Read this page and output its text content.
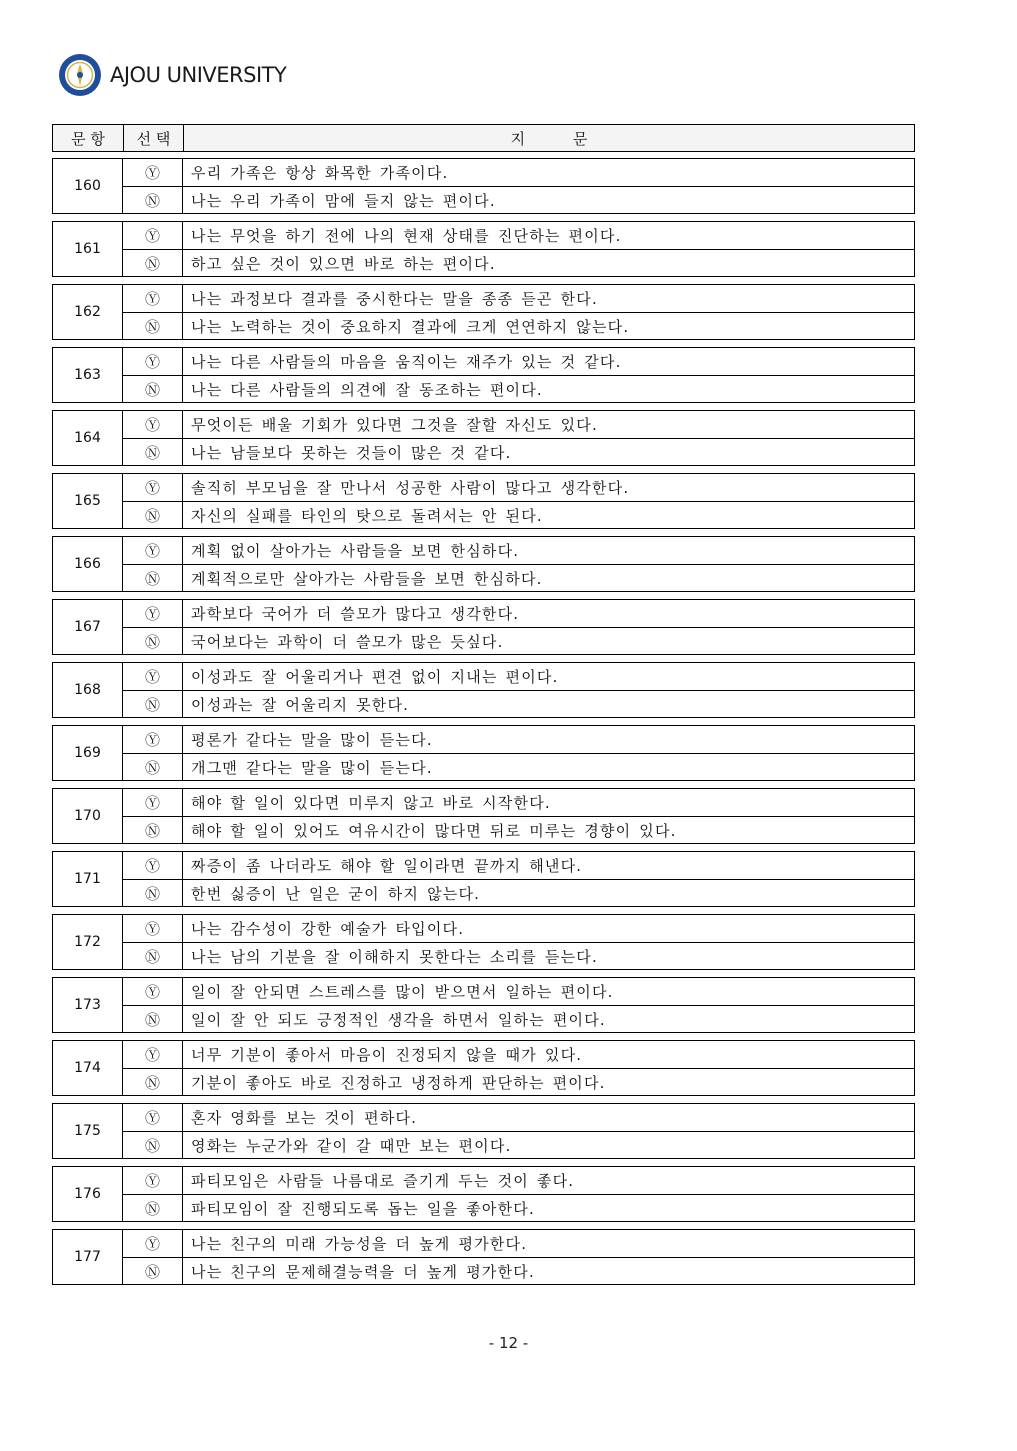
AJOU UNIVERSITY
문 항	선 택	지          문
160
Ⓨ	우리 가족은 항상 화목한 가족이다.
Ⓝ	나는 우리 가족이 맘에 들지 않는 편이다.
161
Ⓨ	나는 무엇을 하기 전에 나의 현재 상태를 진단하는 편이다.
Ⓝ	하고 싶은 것이 있으면 바로 하는 편이다.
162
Ⓨ	나는 과정보다 결과를 중시한다는 말을 종종 듣곤 한다.
Ⓝ	나는 노력하는 것이 중요하지 결과에 크게 연연하지 않는다.
163
Ⓨ	나는 다른 사람들의 마음을 움직이는 재주가 있는 것 같다.
Ⓝ	나는 다른 사람들의 의견에 잘 동조하는 편이다.
164
Ⓨ	무엇이든 배울 기회가 있다면 그것을 잘할 자신도 있다.
Ⓝ	나는 남들보다 못하는 것들이 많은 것 같다.
165
Ⓨ	솔직히 부모님을 잘 만나서 성공한 사람이 많다고 생각한다.
Ⓝ	자신의 실패를 타인의 탓으로 돌려서는 안 된다.
166
Ⓨ	계획 없이 살아가는 사람들을 보면 한심하다.
Ⓝ	계획적으로만 살아가는 사람들을 보면 한심하다.
167
Ⓨ	과학보다 국어가 더 쓸모가 많다고 생각한다.
Ⓝ	국어보다는 과학이 더 쓸모가 많은 듯싶다.
168
Ⓨ	이성과도 잘 어울리거나 편견 없이 지내는 편이다.
Ⓝ	이성과는 잘 어울리지 못한다.
169
Ⓨ	평론가 같다는 말을 많이 듣는다.
Ⓝ	개그맨 같다는 말을 많이 듣는다.
170
Ⓨ	해야 할 일이 있다면 미루지 않고 바로 시작한다.
Ⓝ	해야 할 일이 있어도 여유시간이 많다면 뒤로 미루는 경향이 있다.
171
Ⓨ	짜증이 좀 나더라도 해야 할 일이라면 끝까지 해낸다.
Ⓝ	한번 싫증이 난 일은 굳이 하지 않는다.
172
Ⓨ	나는 감수성이 강한 예술가 타입이다.
Ⓝ	나는 남의 기분을 잘 이해하지 못한다는 소리를 듣는다.
173
Ⓨ	일이 잘 안되면 스트레스를 많이 받으면서 일하는 편이다.
Ⓝ	일이 잘 안 되도 긍정적인 생각을 하면서 일하는 편이다.
174
Ⓨ	너무 기분이 좋아서 마음이 진정되지 않을 때가 있다.
Ⓝ	기분이 좋아도 바로 진정하고 냉정하게 판단하는 편이다.
175
Ⓨ	혼자 영화를 보는 것이 편하다.
Ⓝ	영화는 누군가와 같이 갈 때만 보는 편이다.
176
Ⓨ	파티모임은 사람들 나름대로 즐기게 두는 것이 좋다.
Ⓝ	파티모임이 잘 진행되도록 돕는 일을 좋아한다.
177
Ⓨ	나는 친구의 미래 가능성을 더 높게 평가한다.
Ⓝ	나는 친구의 문제해결능력을 더 높게 평가한다.
- 12 -
